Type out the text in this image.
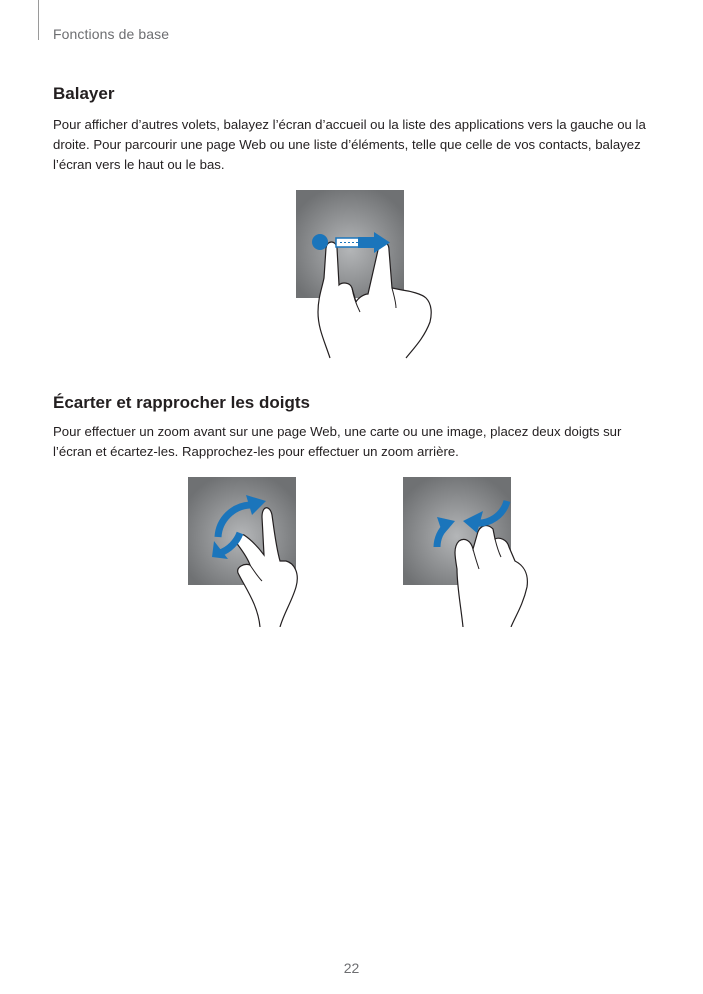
Fonctions de base
Balayer

Pour afficher d’autres volets, balayez l’écran d’accueil ou la liste des applications vers la gauche ou la droite. Pour parcourir une page Web ou une liste d’éléments, telle que celle de vos contacts, balayez l’écran vers le haut ou le bas.

Écarter et rapprocher les doigts

Pour effectuer un zoom avant sur une page Web, une carte ou une image, placez deux doigts sur l’écran et écartez-les. Rapprochez-les pour effectuer un zoom arrière.

22
